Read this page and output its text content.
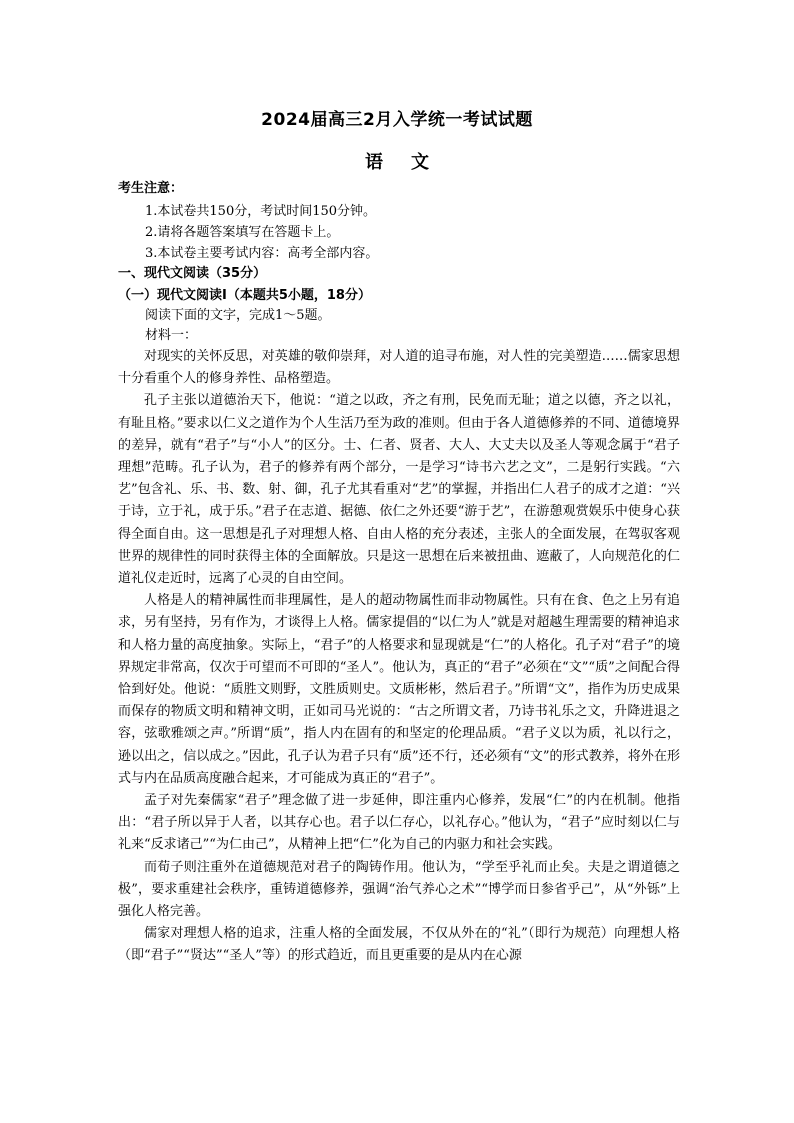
2024届高三2月入学统一考试试题
语文
考生注意：
1.本试卷共150分，考试时间150分钟。
2.请将各题答案填写在答题卡上。
3.本试卷主要考试内容：高考全部内容。
一、现代文阅读（35分）
（一）现代文阅读Ⅰ（本题共5小题，18分）
阅读下面的文字，完成1～5题。
材料一：

对现实的关怀反思，对英雄的敬仰崇拜，对人道的追寻布施，对人性的完美塑造……儒家思想十分看重个人的修身养性、品格塑造。

孔子主张以道德治天下，他说：“道之以政，齐之有刑，民免而无耻；道之以德，齐之以礼，有耻且格。”要求以仁义之道作为个人生活乃至为政的准则。但由于各人道德修养的不同、道德境界的差异，就有“君子”与“小人”的区分。士、仁者、贤者、大人、大丈夫以及圣人等观念属于“君子理想”范畴。孔子认为，君子的修养有两个部分，一是学习“诗书六艺之文”，二是躬行实践。“六艺”包含礼、乐、书、数、射、御，孔子尤其看重对“艺”的掌握，并指出仁人君子的成才之道：“兴于诗，立于礼，成于乐。”君子在志道、据德、依仁之外还要“游于艺”，在游憩观赏娱乐中使身心获得全面自由。这一思想是孔子对理想人格、自由人格的充分表述，主张人的全面发展，在驾驭客观世界的规律性的同时获得主体的全面解放。只是这一思想在后来被扭曲、遮蔽了，人向规范化的仁道礼仪走近时，远离了心灵的自由空间。

人格是人的精神属性而非理属性，是人的超动物属性而非动物属性。只有在食、色之上另有追求，另有坚持，另有作为，才谈得上人格。儒家提倡的“以仁为人”就是对超越生理需要的精神追求和人格力量的高度抽象。实际上，“君子”的人格要求和显现就是“仁”的人格化。孔子对“君子”的境界规定非常高，仅次于可望而不可即的“圣人”。他认为，真正的“君子”必须在“文”“质”之间配合得恰到好处。他说：“质胜文则野，文胜质则史。文质彬彬，然后君子。”所谓“文”，指作为历史成果而保存的物质文明和精神文明，正如司马光说的：“古之所谓文者，乃诗书礼乐之文，升降进退之容，弦歌雅颂之声。”所谓“质”，指人内在固有的和坚定的伦理品质。“君子义以为质，礼以行之，逊以出之，信以成之。”因此，孔子认为君子只有“质”还不行，还必须有“文”的形式教养，将外在形式与内在品质高度融合起来，才可能成为真正的“君子”。

孟子对先秦儒家“君子”理念做了进一步延伸，即注重内心修养，发展“仁”的内在机制。他指出：“君子所以异于人者，以其存心也。君子以仁存心，以礼存心。”他认为，“君子”应时刻以仁与礼来“反求诸己”“为仁由己”，从精神上把“仁”化为自己的内驱力和社会实践。

而荀子则注重外在道德规范对君子的陶铸作用。他认为，“学至乎礼而止矣。夫是之谓道德之极”，要求重建社会秩序，重铸道德修养，强调“治气养心之术”“博学而日参省乎己”，从“外铄”上强化人格完善。

儒家对理想人格的追求，注重人格的全面发展，不仅从外在的“礼”（即行为规范）向理想人格（即“君子”“贤达”“圣人”等）的形式趋近，而且更重要的是从内在心源
